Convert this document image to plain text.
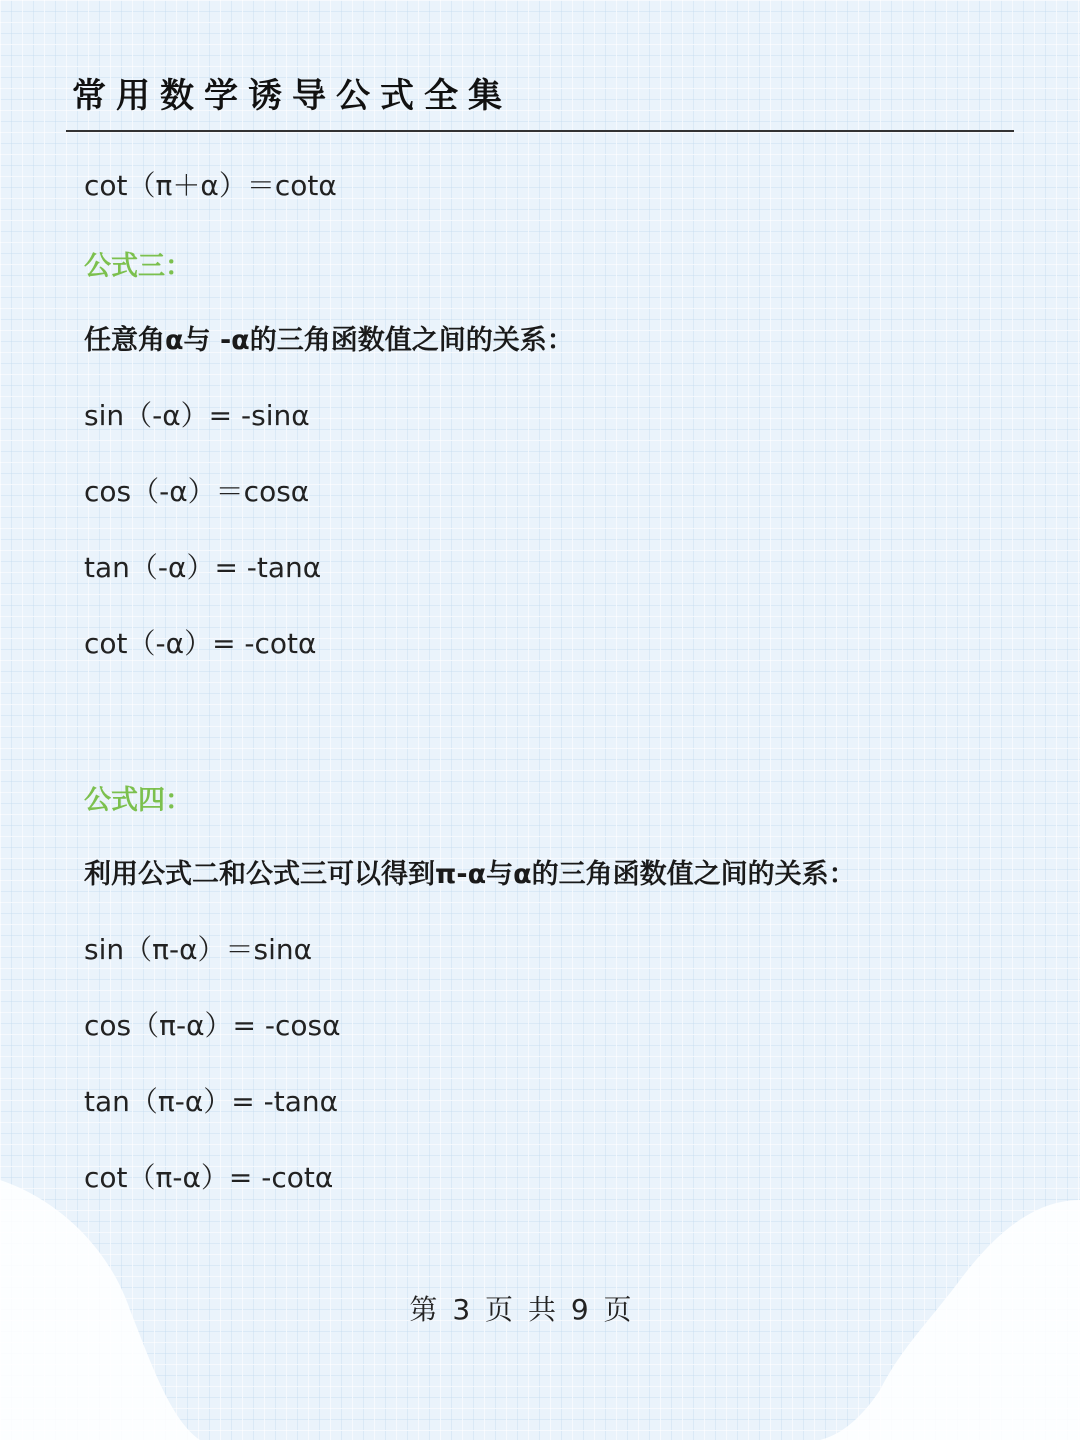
常用数学诱导公式全集

cot（π＋α）＝cotα

公式三：

任意角α与 -α的三角函数值之间的关系：

sin（-α）= -sinα

cos（-α）＝cosα

tan（-α）= -tanα

cot（-α）= -cotα

公式四：

利用公式二和公式三可以得到π-α与α的三角函数值之间的关系：

sin（π-α）＝sinα

cos（π-α）= -cosα

tan（π-α）= -tanα

cot（π-α）= -cotα

第 3 页 共 9 页
